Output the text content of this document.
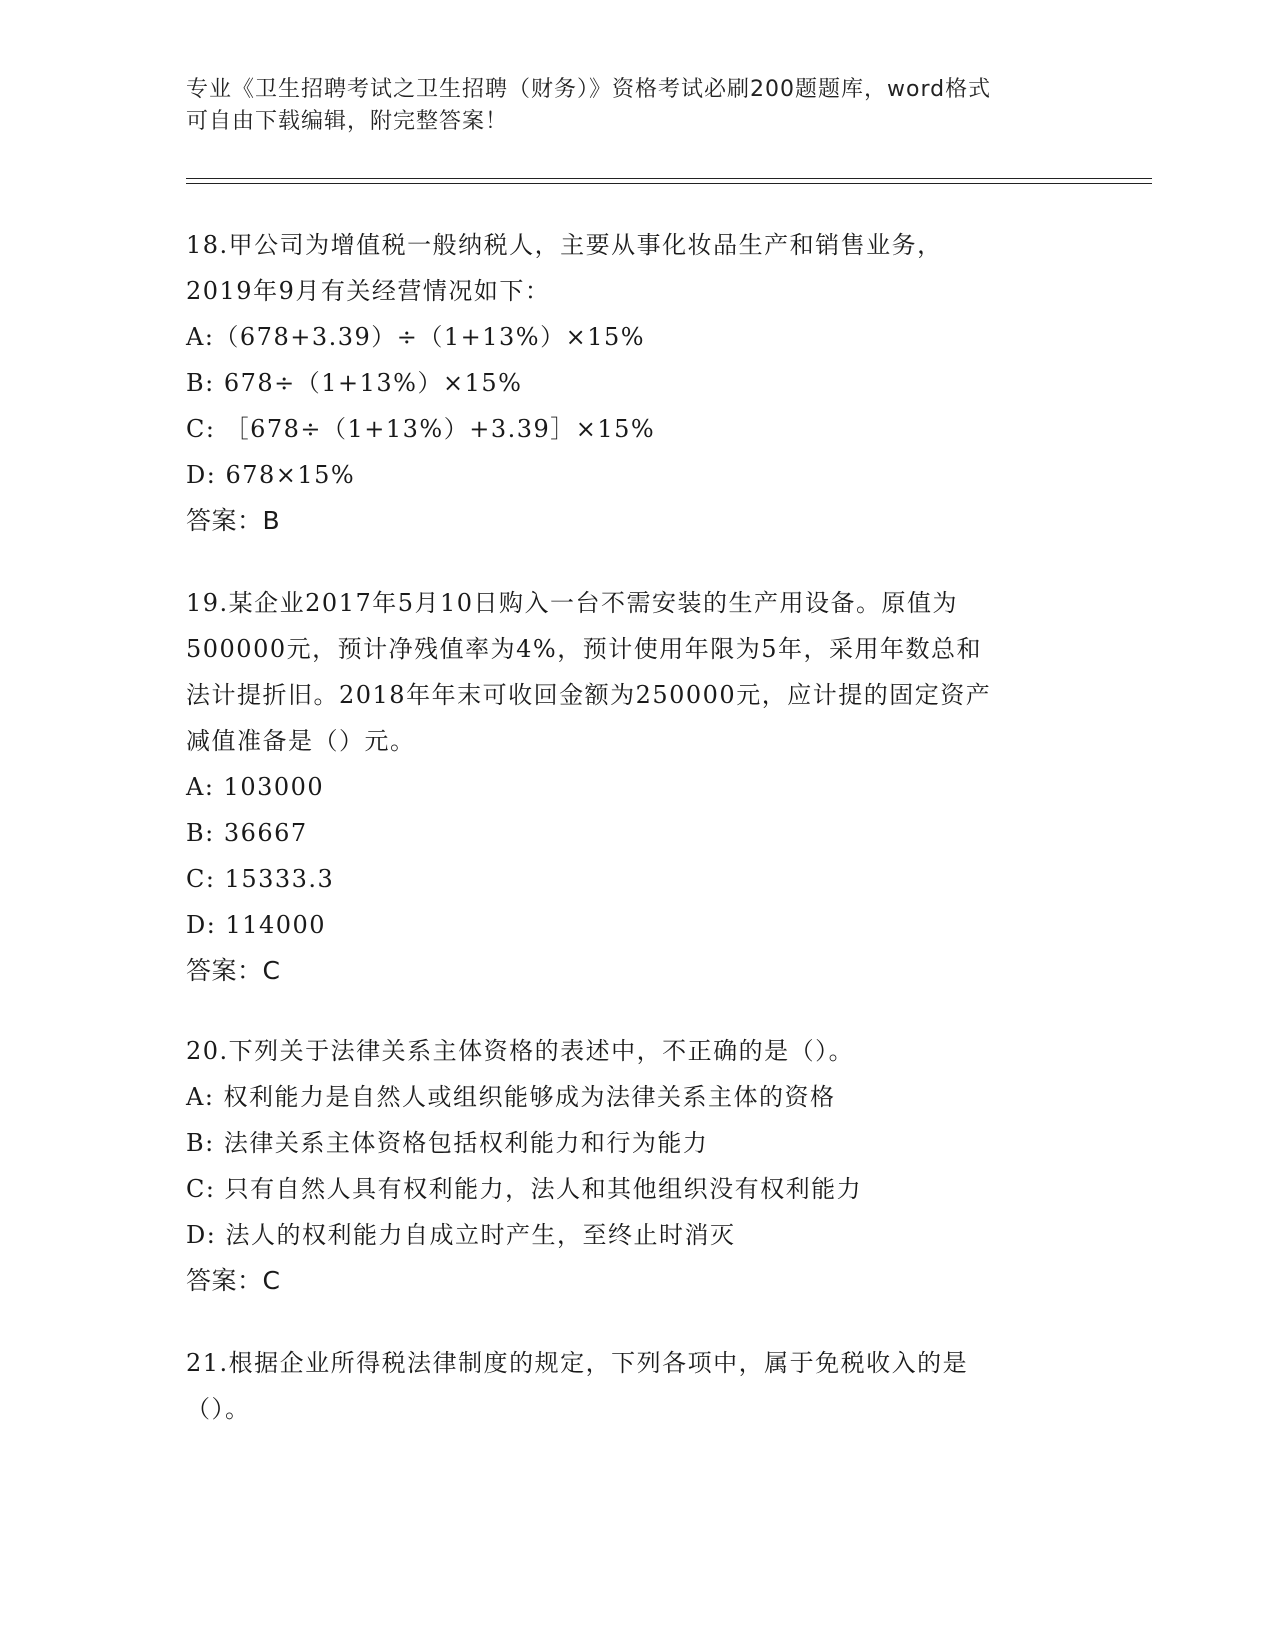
专业《卫生招聘考试之卫生招聘（财务）》资格考试必刷200题题库，word格式
可自由下载编辑，附完整答案！
18.甲公司为增值税一般纳税人，主要从事化妆品生产和销售业务，
2019年9月有关经营情况如下：
A:（678+3.39）÷（1+13%）×15%
B: 678÷（1+13%）×15%
C: ［678÷（1+13%）+3.39］×15%
D: 678×15%
答案：B
19.某企业2017年5月10日购入一台不需安装的生产用设备。原值为
500000元，预计净残值率为4%，预计使用年限为5年，采用年数总和
法计提折旧。2018年年末可收回金额为250000元，应计提的固定资产
减值准备是（）元。
A: 103000
B: 36667
C: 15333.3
D: 114000
答案：C
20.下列关于法律关系主体资格的表述中，不正确的是（）。
A: 权利能力是自然人或组织能够成为法律关系主体的资格
B: 法律关系主体资格包括权利能力和行为能力
C: 只有自然人具有权利能力，法人和其他组织没有权利能力
D: 法人的权利能力自成立时产生，至终止时消灭
答案：C
21.根据企业所得税法律制度的规定，下列各项中，属于免税收入的是
（）。
